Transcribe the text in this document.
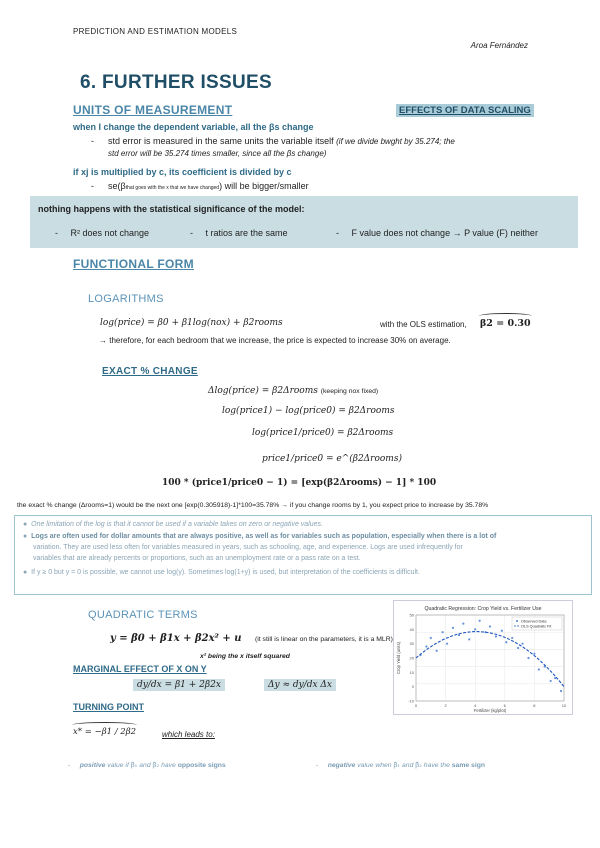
PREDICTION AND ESTIMATION MODELS
Aroa Fernández
6. FURTHER ISSUES
UNITS OF MEASUREMENT	EFFECTS OF DATA SCALING
when I change the dependent variable, all the βs change
- std error is measured in the same units the variable itself (if we divide bwght by 35.274; the
std error will be 35.274 times smaller, since all the βs change)
if xj is multiplied by c, its coefficient is divided by c
- se(βthat goes with the x that we have changed) will be bigger/smaller
nothing happens with the statistical significance of the model:
-     R² does not change	-     t ratios are the same	-     F value does not change → P value (F) neither
FUNCTIONAL FORM
LOGARITHMS
log(price) = β0 + β1log(nox) + β2rooms	with the OLS estimation, β2 = 0.30
→ therefore, for each bedroom that we increase, the price is expected to increase 30% on average.
EXACT % CHANGE
Δlog(price) = β2Δrooms (keeping nox fixed)
log(price1) − log(price0) = β2Δrooms
log(price1/price0) = β2Δrooms
price1/price0 = e^(β2Δrooms)
100 * (price1/price0 − 1) = [exp(β2Δrooms) − 1] * 100
the exact % change (Δrooms=1) would be the next one [exp(0.305918)-1]*100=35.78% → if you change rooms by 1, you expect price to increase by 35.78%
●  One limitation of the log is that it cannot be used if a variable takes on zero or negative values.
●  Logs are often used for dollar amounts that are always positive, as well as for variables such as population, especially when there is a lot of
variation. They are used less often for variables measured in years, such as schooling, age, and experience. Logs are used infrequently for
variables that are already percents or proportions, such as an unemployment rate or a pass rate on a test.
●  If y ≥ 0 but y = 0 is possible, we cannot use log(y). Sometimes log(1+y) is used, but interpretation of the coefficients is difficult.
QUADRATIC TERMS	Quadratic Regression: Crop Yield vs. Fertilizer Use
0	2	4	6	8	10
-10
0
10
20
30
40
50
Fertilizer (kg/plot)
Crop Yield (units)
Observed Data
OLS Quadratic Fit
y = β0 + β1x + β2x² + u (it still is linear on the parameters, it is a MLR)
x² being the x itself squared
MARGINAL EFFECT OF X ON Y
dy/dx = β1 + 2β2x	Δy ≈ dy/dx Δx
TURNING POINT
x* = −β1 / 2β2	which leads to:
-     positive value if β̂₁ and β̂₂ have opposite signs	-     negative value when β̂₁ and β̂₂ have the same sign
